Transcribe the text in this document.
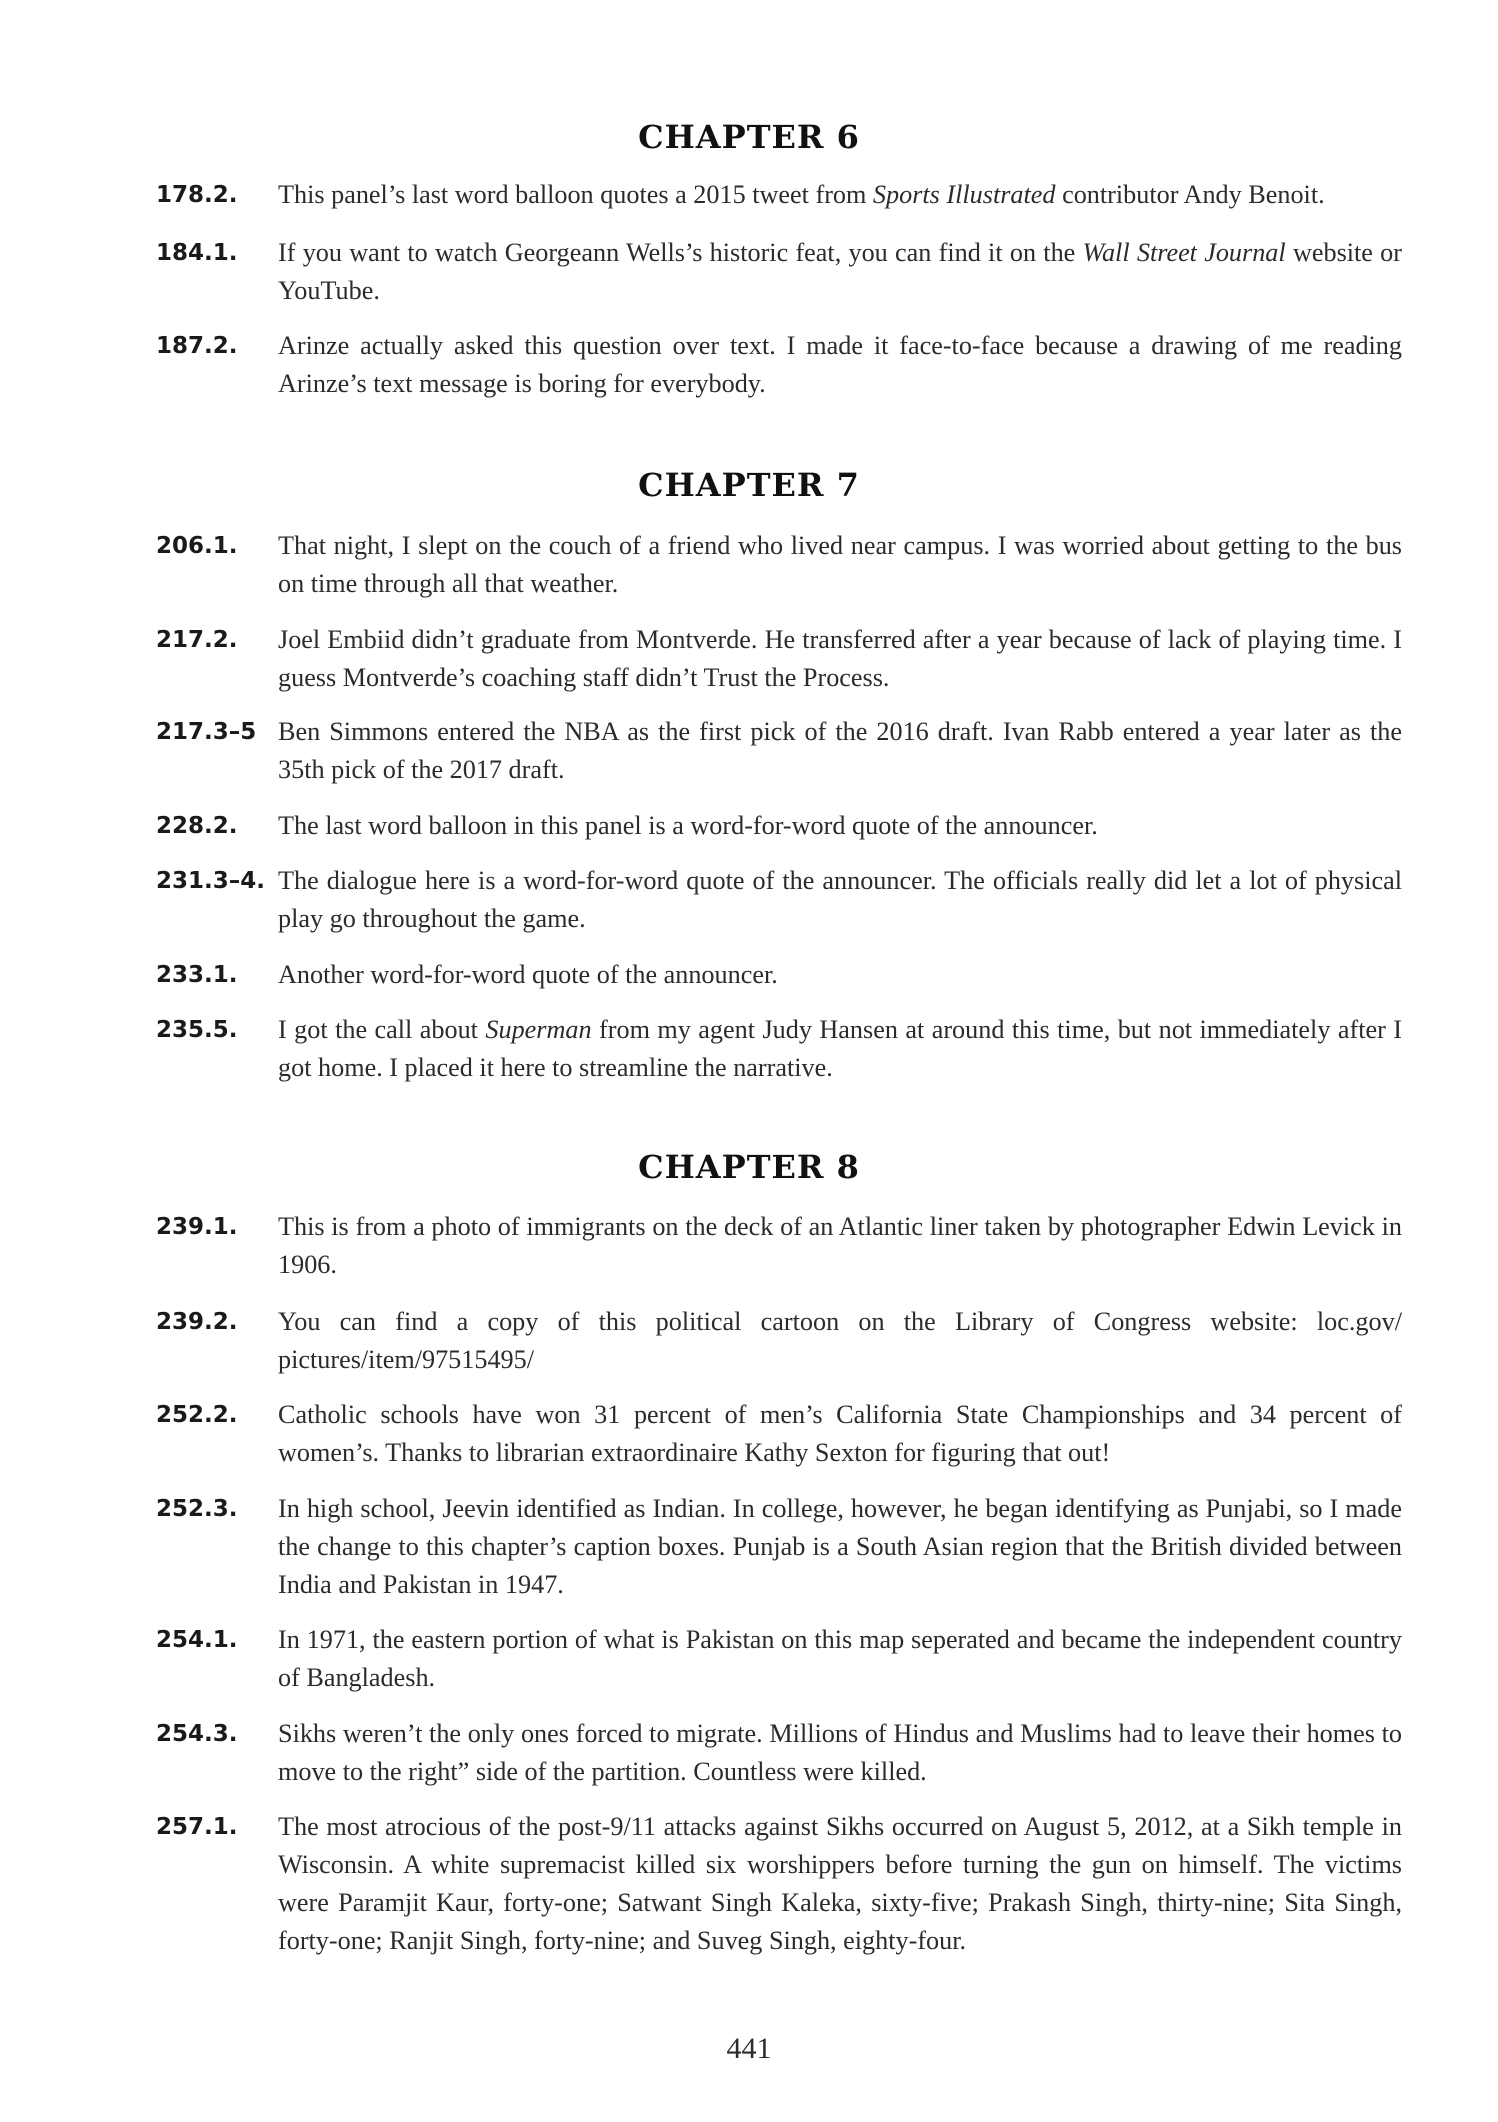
CHAPTER 6
178.2. This panel’s last word balloon quotes a 2015 tweet from Sports Illustrated contributor Andy Benoit.
184.1. If you want to watch Georgeann Wells’s historic feat, you can find it on the Wall Street Journal website or YouTube.
187.2. Arinze actually asked this question over text. I made it face-to-face because a drawing of me reading Arinze’s text message is boring for everybody.
CHAPTER 7
206.1. That night, I slept on the couch of a friend who lived near campus. I was worried about getting to the bus on time through all that weather.
217.2. Joel Embiid didn’t graduate from Montverde. He transferred after a year because of lack of playing time. I guess Montverde’s coaching staff didn’t Trust the Process.
217.3–5 Ben Simmons entered the NBA as the first pick of the 2016 draft. Ivan Rabb entered a year later as the 35th pick of the 2017 draft.
228.2. The last word balloon in this panel is a word-for-word quote of the announcer.
231.3–4. The dialogue here is a word-for-word quote of the announcer. The officials really did let a lot of physical play go throughout the game.
233.1. Another word-for-word quote of the announcer.
235.5. I got the call about Superman from my agent Judy Hansen at around this time, but not immediately after I got home. I placed it here to streamline the narrative.
CHAPTER 8
239.1. This is from a photo of immigrants on the deck of an Atlantic liner taken by photographer Edwin Levick in 1906.
239.2. You can find a copy of this political cartoon on the Library of Congress website: loc.gov/ pictures/item/97515495/
252.2. Catholic schools have won 31 percent of men’s California State Championships and 34 percent of women’s. Thanks to librarian extraordinaire Kathy Sexton for figuring that out!
252.3. In high school, Jeevin identified as Indian. In college, however, he began identifying as Punjabi, so I made the change to this chapter’s caption boxes. Punjab is a South Asian region that the British divided between India and Pakistan in 1947.
254.1. In 1971, the eastern portion of what is Pakistan on this map seperated and became the independent country of Bangladesh.
254.3. Sikhs weren’t the only ones forced to migrate. Millions of Hindus and Muslims had to leave their homes to move to the right” side of the partition. Countless were killed.
257.1. The most atrocious of the post-9/11 attacks against Sikhs occurred on August 5, 2012, at a Sikh temple in Wisconsin. A white supremacist killed six worshippers before turning the gun on himself. The victims were Paramjit Kaur, forty-one; Satwant Singh Kaleka, sixty-five; Prakash Singh, thirty-nine; Sita Singh, forty-one; Ranjit Singh, forty-nine; and Suveg Singh, eighty-four.
441
